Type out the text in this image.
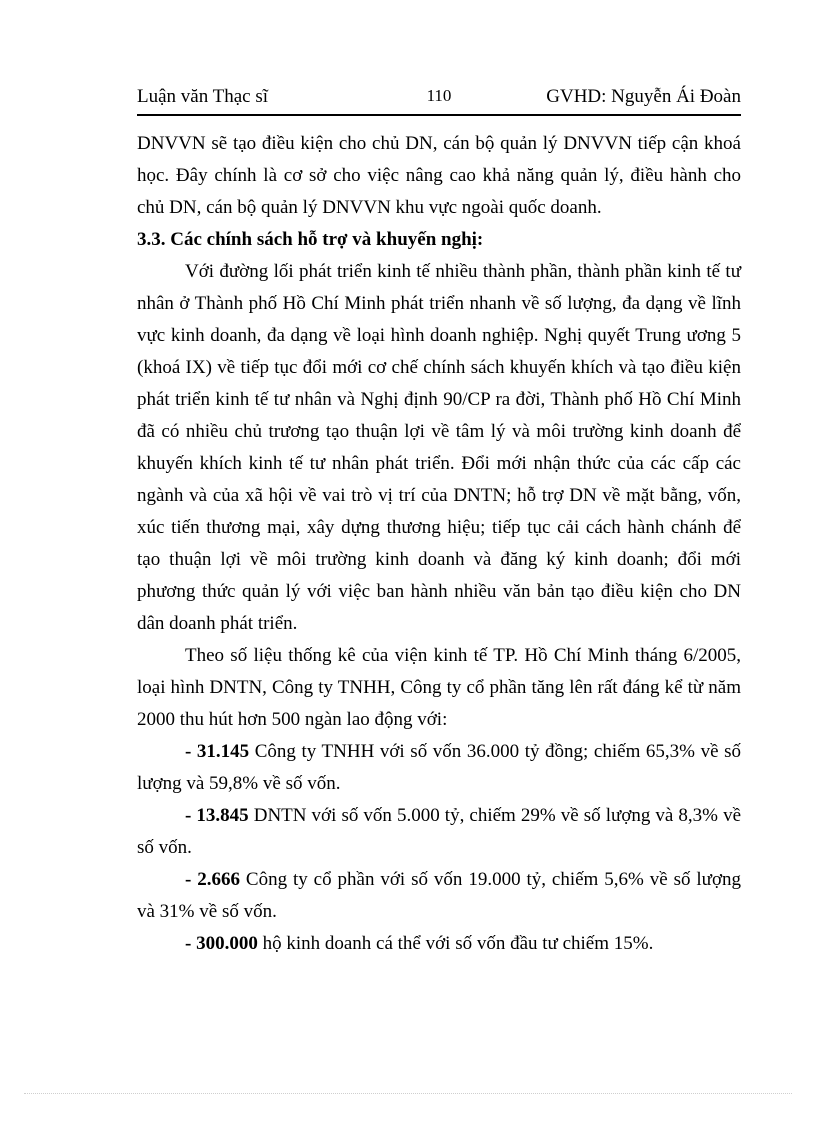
Luận văn Thạc sĩ	110	GVHD: Nguyễn Ái Đoàn

DNVVN sẽ tạo điều kiện cho chủ DN, cán bộ quản lý DNVVN tiếp cận khoá học. Đây chính là cơ sở cho việc nâng cao khả năng quản lý, điều hành cho chủ DN, cán bộ quản lý DNVVN khu vực ngoài quốc doanh.

3.3. Các chính sách hỗ trợ và khuyến nghị:

Với đường lối phát triển kinh tế nhiều thành phần, thành phần kinh tế tư nhân ở Thành phố Hồ Chí Minh phát triển nhanh về số lượng, đa dạng về lĩnh vực kinh doanh, đa dạng về loại hình doanh nghiệp. Nghị quyết Trung ương 5 (khoá IX) về tiếp tục đổi mới cơ chế chính sách khuyến khích và tạo điều kiện phát triển kinh tế tư nhân và Nghị định 90/CP ra đời, Thành phố Hồ Chí Minh đã có nhiều chủ trương tạo thuận lợi về tâm lý và môi trường kinh doanh để khuyến khích kinh tế tư nhân phát triển. Đổi mới nhận thức của các cấp các ngành và của xã hội về vai trò vị trí của DNTN; hỗ trợ DN về mặt bằng, vốn, xúc tiến thương mại, xây dựng thương hiệu; tiếp tục cải cách hành chánh để tạo thuận lợi về môi trường kinh doanh và đăng ký kinh doanh; đổi mới phương thức quản lý với việc ban hành nhiều văn bản tạo điều kiện cho DN dân doanh phát triển.

Theo số liệu thống kê của viện kinh tế TP. Hồ Chí Minh tháng 6/2005, loại hình DNTN, Công ty TNHH, Công ty cổ phần tăng lên rất đáng kể từ năm 2000 thu hút hơn 500 ngàn lao động với:

- 31.145 Công ty TNHH với số vốn 36.000 tỷ đồng; chiếm 65,3% về số lượng và 59,8% về số vốn.

- 13.845 DNTN với số vốn 5.000 tỷ, chiếm 29% về số lượng và 8,3% về số vốn.

- 2.666 Công ty cổ phần với số vốn 19.000 tỷ, chiếm 5,6% về số lượng và 31% về số vốn.

- 300.000 hộ kinh doanh cá thể với số vốn đầu tư chiếm 15%.
